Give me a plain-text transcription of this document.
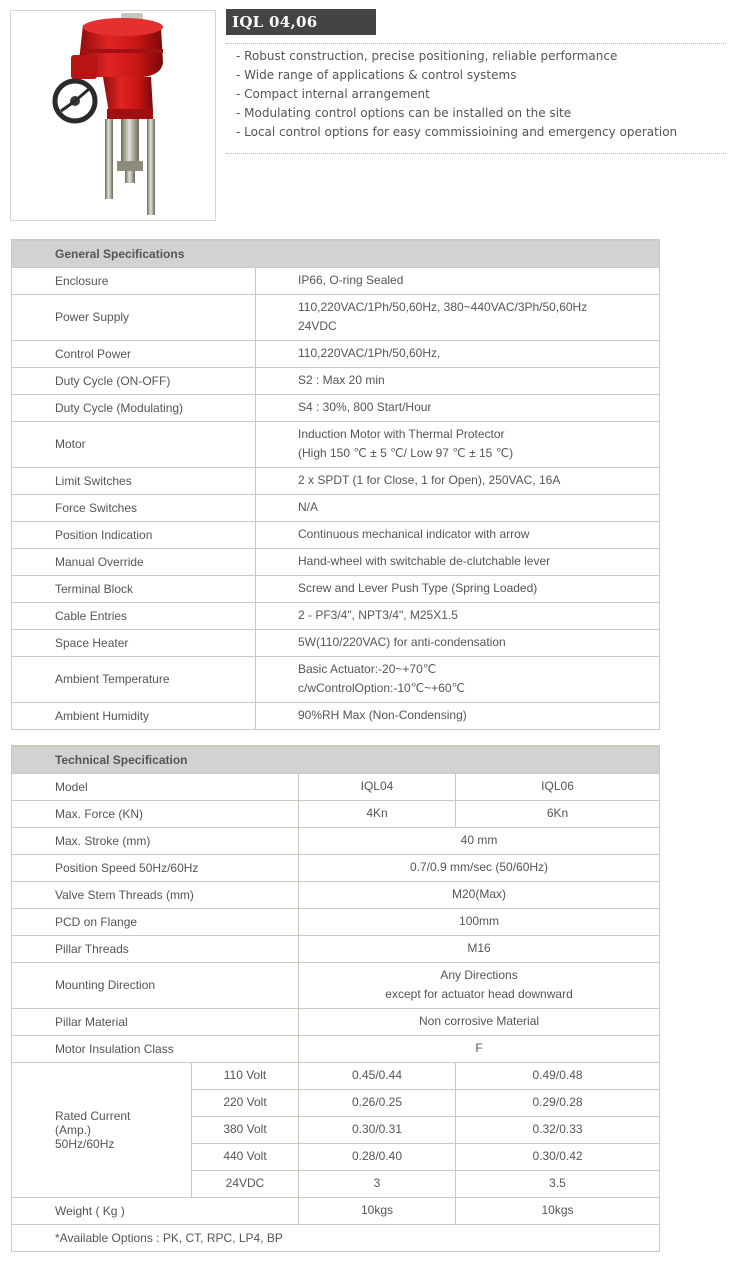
IQL 04,06
- Robust construction, precise positioning, reliable performance
- Wide range of applications & control systems
- Compact internal arrangement
- Modulating control options can be installed on the site
- Local control options for easy commissioining and emergency operation
General Specifications	
Enclosure	IP66, O-ring Sealed
Power Supply	110,220VAC/1Ph/50,60Hz, 380~440VAC/3Ph/50,60Hz
24VDC
Control Power	110,220VAC/1Ph/50,60Hz,
Duty Cycle (ON-OFF)	S2 : Max 20 min
Duty Cycle (Modulating)	S4 : 30%, 800 Start/Hour
Motor	Induction Motor with Thermal Protector
(High 150 ℃ ± 5 ℃/ Low 97 ℃ ± 15 ℃)
Limit Switches	2 x SPDT (1 for Close, 1 for Open), 250VAC, 16A
Force Switches	N/A
Position Indication	Continuous mechanical indicator with arrow
Manual Override	Hand-wheel with switchable de-clutchable lever
Terminal Block	Screw and Lever Push Type (Spring Loaded)
Cable Entries	2 - PF3/4", NPT3/4", M25X1.5
Space Heater	5W(110/220VAC) for anti-condensation
Ambient Temperature	Basic Actuator:-20~+70℃
c/wControlOption:-10℃~+60℃
Ambient Humidity	90%RH Max (Non-Condensing)
Technical Specification			
Model		IQL04	IQL06
Max. Force (KN)		4Kn	6Kn
Max. Stroke (mm)		40 mm	
Position Speed 50Hz/60Hz		0.7/0.9 mm/sec (50/60Hz)	
Valve Stem Threads (mm)		M20(Max)	
PCD on Flange		100mm	
Pillar Threads		M16	
Mounting Direction		Any Directions
except for actuator head downward	
Pillar Material		Non corrosive Material	
Motor Insulation Class		F	
Rated Current
(Amp.)
50Hz/60Hz	110 Volt	0.45/0.44	0.49/0.48
	220 Volt	0.26/0.25	0.29/0.28
	380 Volt	0.30/0.31	0.32/0.33
	440 Volt	0.28/0.40	0.30/0.42
	24VDC	3	3.5
Weight ( Kg )		10kgs	10kgs
*Available Options : PK, CT, RPC, LP4, BP			
